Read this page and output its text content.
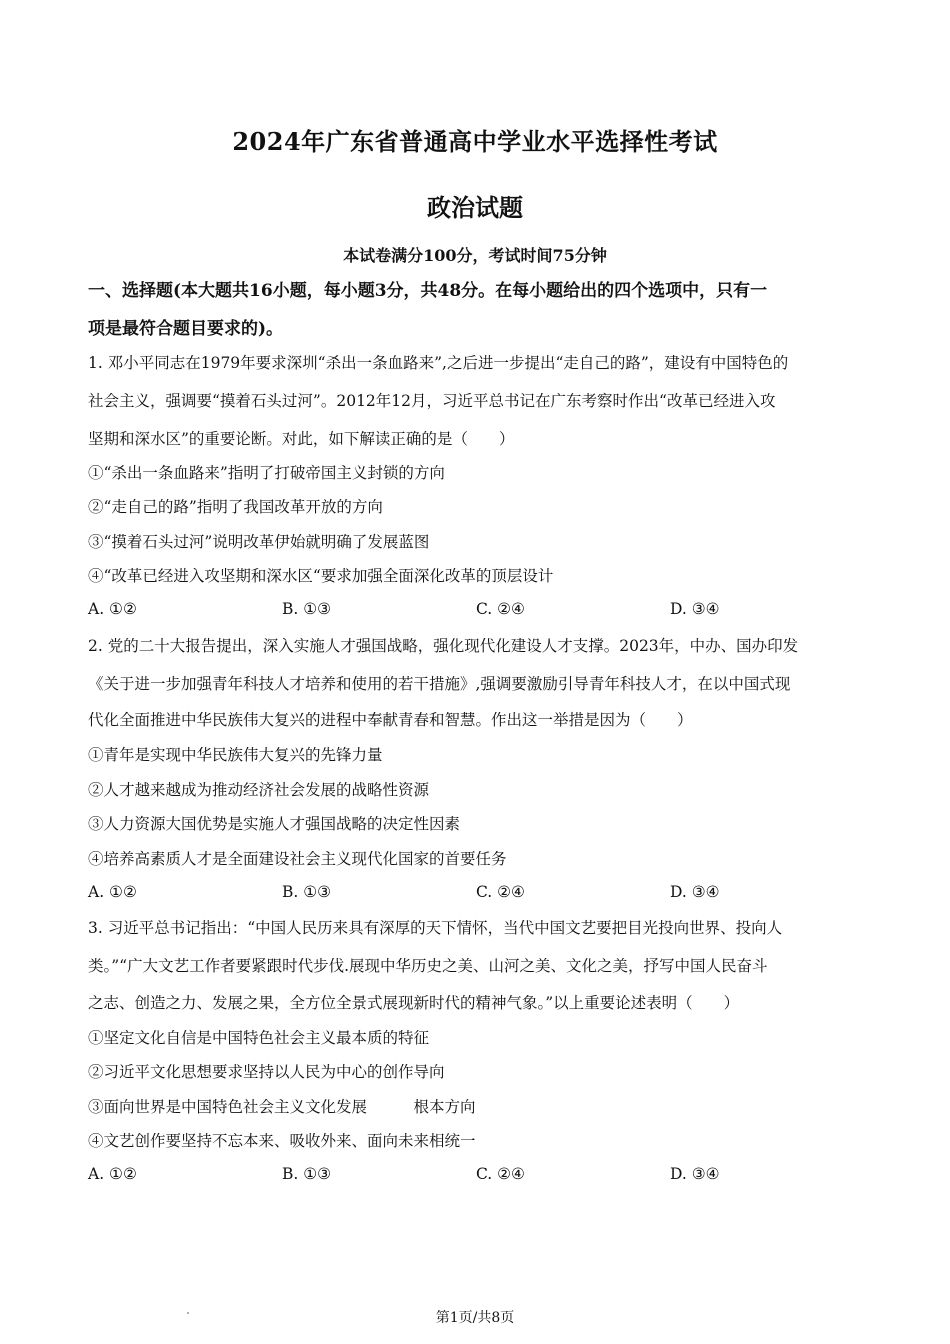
2024年广东省普通高中学业水平选择性考试
政治试题
本试卷满分100分，考试时间75分钟
一、选择题(本大题共16小题，每小题3分，共48分。在每小题给出的四个选项中，只有一
项是最符合题目要求的)。
1. 邓小平同志在1979年要求深圳“杀出一条血路来”,之后进一步提出“走自己的路”，建设有中国特色的
社会主义，强调要“摸着石头过河”。2012年12月，习近平总书记在广东考察时作出“改革已经进入攻
坚期和深水区”的重要论断。对此，如下解读正确的是（　　）
①“杀出一条血路来”指明了打破帝国主义封锁的方向
②“走自己的路”指明了我国改革开放的方向
③“摸着石头过河”说明改革伊始就明确了发展蓝图
④“改革已经进入攻坚期和深水区“要求加强全面深化改革的顶层设计
A. ①②	B. ①③	C. ②④	D. ③④
2. 党的二十大报告提出，深入实施人才强国战略，强化现代化建设人才支撑。2023年，中办、国办印发
《关于进一步加强青年科技人才培养和使用的若干措施》,强调要激励引导青年科技人才，在以中国式现
代化全面推进中华民族伟大复兴的进程中奉献青春和智慧。作出这一举措是因为（　　）
①青年是实现中华民族伟大复兴的先锋力量
②人才越来越成为推动经济社会发展的战略性资源
③人力资源大国优势是实施人才强国战略的决定性因素
④培养高素质人才是全面建设社会主义现代化国家的首要任务
A. ①②	B. ①③	C. ②④	D. ③④
3. 习近平总书记指出：“中国人民历来具有深厚的天下情怀，当代中国文艺要把目光投向世界、投向人
类。”“广大文艺工作者要紧跟时代步伐.展现中华历史之美、山河之美、文化之美，抒写中国人民奋斗
之志、创造之力、发展之果，全方位全景式展现新时代的精神气象。”以上重要论述表明（　　）
①坚定文化自信是中国特色社会主义最本质的特征
②习近平文化思想要求坚持以人民为中心的创作导向
③面向世界是中国特色社会主义文化发展　　　根本方向
④文艺创作要坚持不忘本来、吸收外来、面向未来相统一
A. ①②	B. ①③	C. ②④	D. ③④
第1页/共8页
